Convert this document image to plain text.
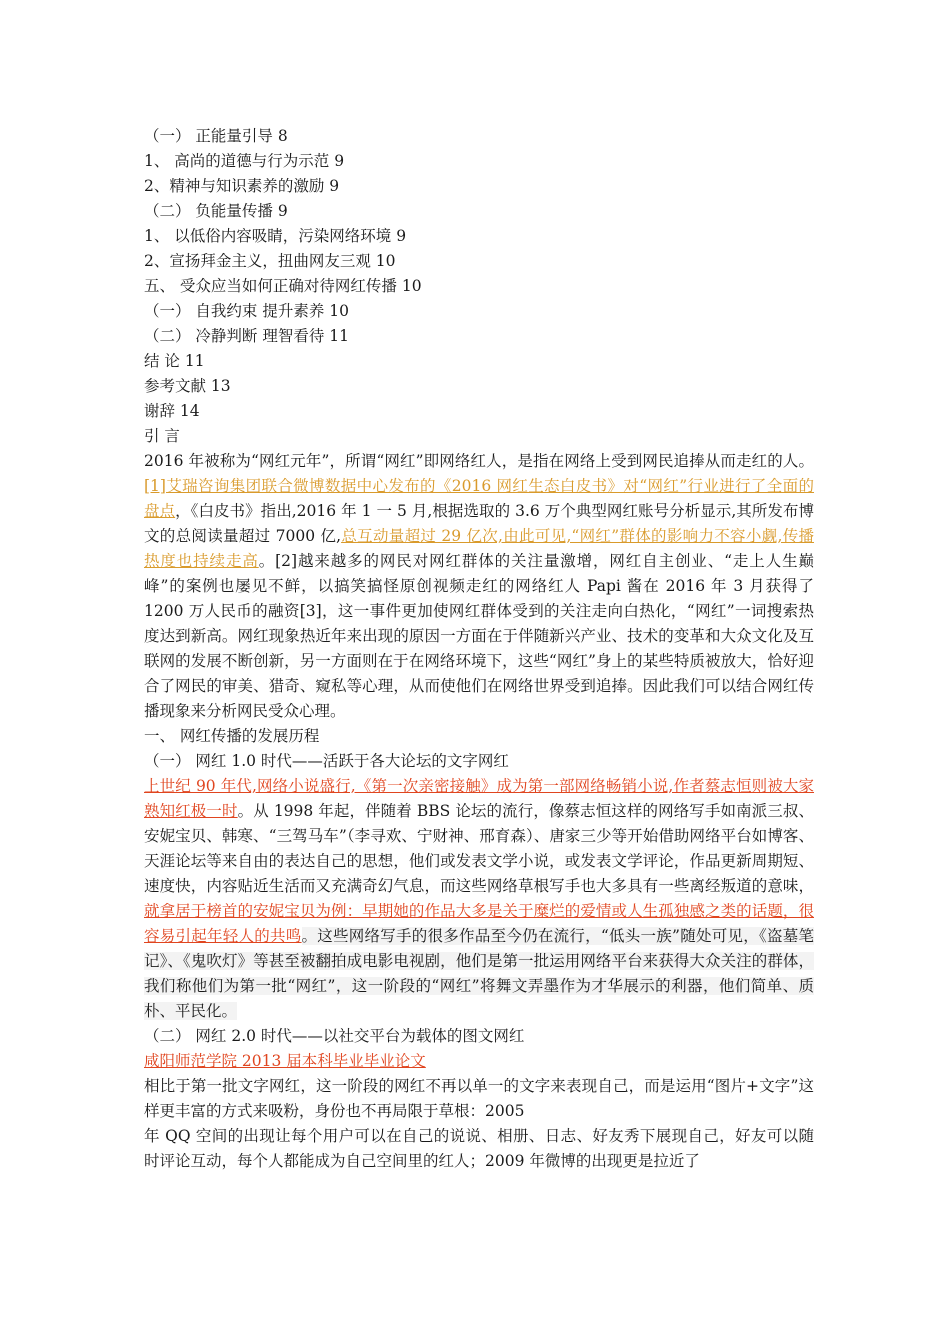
（一） 正能量引导 8
1、 高尚的道德与行为示范 9
2、精神与知识素养的激励 9
（二） 负能量传播 9
1、 以低俗内容吸睛，污染网络环境 9
2、宣扬拜金主义，扭曲网友三观 10
五、 受众应当如何正确对待网红传播 10
（一） 自我约束 提升素养 10
（二） 冷静判断 理智看待 11
结 论 11
参考文献 13
谢辞 14
引 言

2016 年被称为“网红元年”，所谓“网红”即网络红人，是指在网络上受到网民追捧从而走红的人。[1]艾瑞咨询集团联合微博数据中心发布的《2016 网红生态白皮书》对“网红”行业进行了全面的盘点，《白皮书》指出,2016 年 1 一 5 月,根据选取的 3.6 万个典型网红账号分析显示,其所发布博文的总阅读量超过 7000 亿,总互动量超过 29 亿次,由此可见,“网红”群体的影响力不容小觑,传播热度也持续走高。[2]越来越多的网民对网红群体的关注量激增，网红自主创业、“走上人生巅峰”的案例也屡见不鲜，以搞笑搞怪原创视频走红的网络红人 Papi 酱在 2016 年 3 月获得了 1200 万人民币的融资[3]，这一事件更加使网红群体受到的关注走向白热化，“网红”一词搜索热度达到新高。网红现象热近年来出现的原因一方面在于伴随新兴产业、技术的变革和大众文化及互联网的发展不断创新，另一方面则在于在网络环境下，这些“网红”身上的某些特质被放大，恰好迎合了网民的审美、猎奇、窥私等心理，从而使他们在网络世界受到追捧。因此我们可以结合网红传播现象来分析网民受众心理。

一、 网红传播的发展历程
（一） 网红 1.0 时代——活跃于各大论坛的文字网红

上世纪 90 年代,网络小说盛行,《第一次亲密接触》成为第一部网络畅销小说,作者蔡志恒则被大家熟知红极一时。从 1998 年起，伴随着 BBS 论坛的流行，像蔡志恒这样的网络写手如南派三叔、安妮宝贝、韩寒、“三驾马车”（李寻欢、宁财神、邢育森）、唐家三少等开始借助网络平台如博客、天涯论坛等来自由的表达自己的思想，他们或发表文学小说，或发表文学评论，作品更新周期短、速度快，内容贴近生活而又充满奇幻气息，而这些网络草根写手也大多具有一些离经叛道的意味，就拿居于榜首的安妮宝贝为例：早期她的作品大多是关于糜烂的爱情或人生孤独感之类的话题，很容易引起年轻人的共鸣。这些网络写手的很多作品至今仍在流行，“低头一族”随处可见，《盗墓笔记》、《鬼吹灯》等甚至被翻拍成电影电视剧，他们是第一批运用网络平台来获得大众关注的群体，我们称他们为第一批“网红”，这一阶段的“网红”将舞文弄墨作为才华展示的利器，他们简单、质朴、平民化。

（二） 网红 2.0 时代——以社交平台为载体的图文网红
咸阳师范学院 2013 届本科毕业毕业论文

相比于第一批文字网红，这一阶段的网红不再以单一的文字来表现自己，而是运用“图片+文字”这样更丰富的方式来吸粉，身份也不再局限于草根：2005

年 QQ 空间的出现让每个用户可以在自己的说说、相册、日志、好友秀下展现自己，好友可以随时评论互动，每个人都能成为自己空间里的红人；2009 年微博的出现更是拉近了
